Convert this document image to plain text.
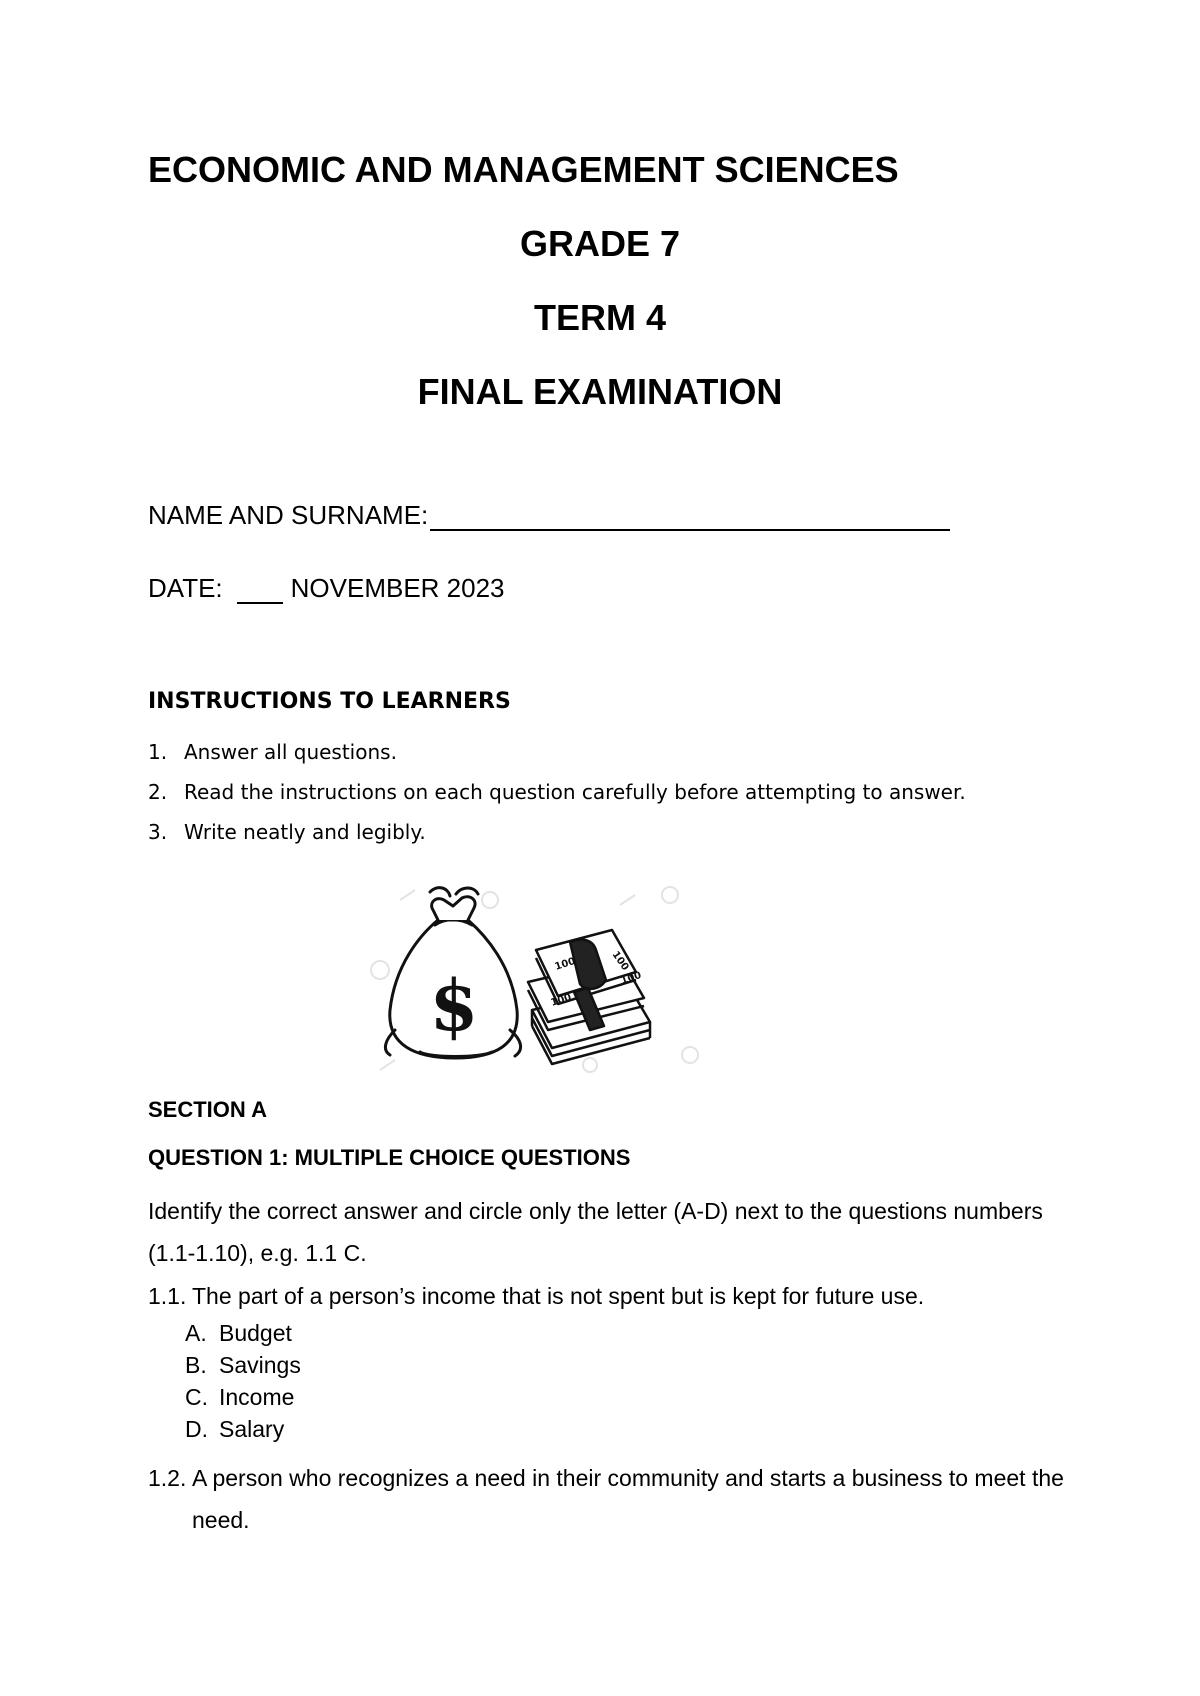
ECONOMIC AND MANAGEMENT SCIENCES
GRADE 7
TERM 4
FINAL EXAMINATION
NAME AND SURNAME:
DATE:	NOVEMBER 2023
INSTRUCTIONS TO LEARNERS
1. Answer all questions.
2. Read the instructions on each question carefully before attempting to answer.
3. Write neatly and legibly.
$	100
100
100
100
SECTION A
QUESTION 1: MULTIPLE CHOICE QUESTIONS
Identify the correct answer and circle only the letter (A-D) next to the questions numbers (1.1-1.10), e.g. 1.1 C.
1.1. The part of a person’s income that is not spent but is kept for future use.
A. Budget
B. Savings
C. Income
D. Salary
1.2. A person who recognizes a need in their community and starts a business to meet the need.
